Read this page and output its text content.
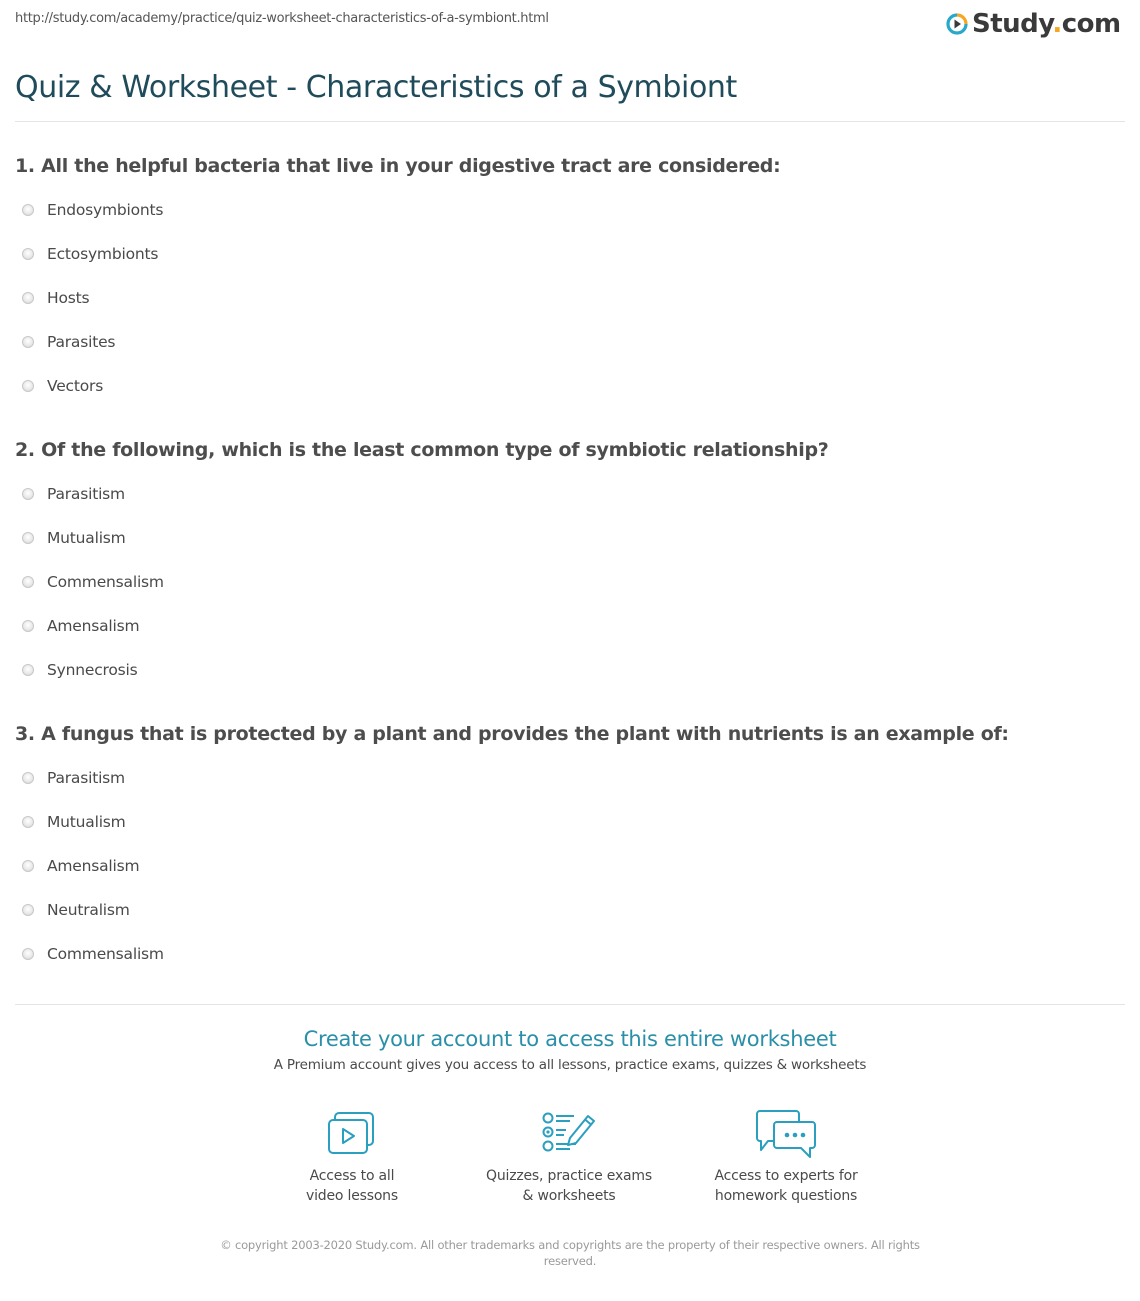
http://study.com/academy/practice/quiz-worksheet-characteristics-of-a-symbiont.html	Study.com
Quiz & Worksheet - Characteristics of a Symbiont
1. All the helpful bacteria that live in your digestive tract are considered:
Endosymbionts
Ectosymbionts
Hosts
Parasites
Vectors
2. Of the following, which is the least common type of symbiotic relationship?
Parasitism
Mutualism
Commensalism
Amensalism
Synnecrosis
3. A fungus that is protected by a plant and provides the plant with nutrients is an example of:
Parasitism
Mutualism
Amensalism
Neutralism
Commensalism
Create your account to access this entire worksheet
A Premium account gives you access to all lessons, practice exams, quizzes & worksheets
Access to all
video lessons
Quizzes, practice exams
& worksheets
Access to experts for
homework questions
© copyright 2003-2020 Study.com. All other trademarks and copyrights are the property of their respective owners. All rights reserved.
